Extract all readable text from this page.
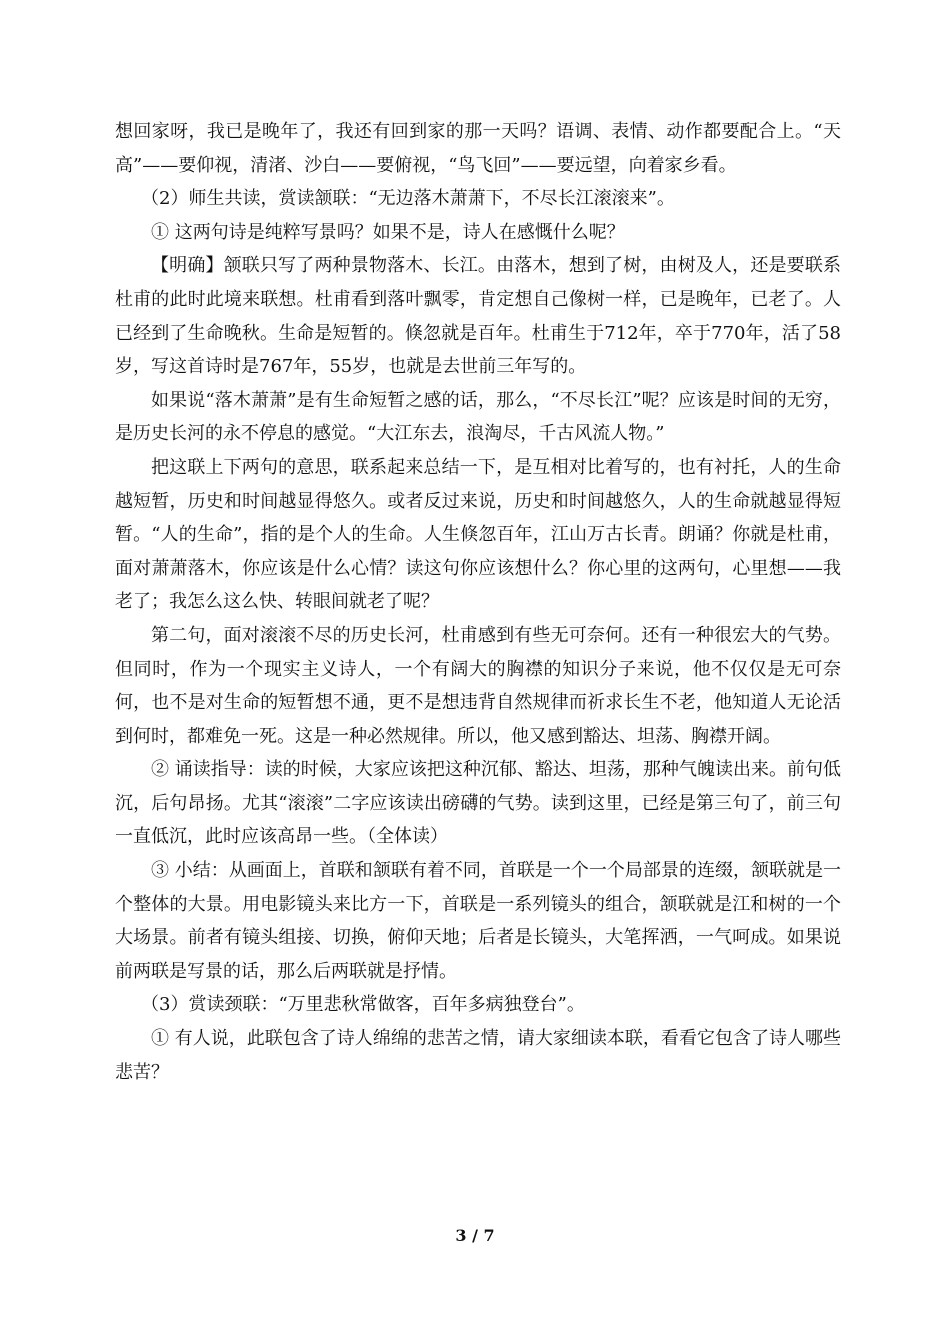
想回家呀，我已是晚年了，我还有回到家的那一天吗？语调、表情、动作都要配合上。“天高”——要仰视，清渚、沙白——要俯视，“鸟飞回”——要远望，向着家乡看。

（2）师生共读，赏读颔联：“无边落木萧萧下，不尽长江滚滚来”。

① 这两句诗是纯粹写景吗？如果不是，诗人在感慨什么呢？

【明确】颔联只写了两种景物落木、长江。由落木，想到了树，由树及人，还是要联系杜甫的此时此境来联想。杜甫看到落叶飘零，肯定想自己像树一样，已是晚年，已老了。人已经到了生命晚秋。生命是短暂的。倏忽就是百年。杜甫生于712年，卒于770年，活了58岁，写这首诗时是767年，55岁，也就是去世前三年写的。

如果说“落木萧萧”是有生命短暂之感的话，那么，“不尽长江”呢？应该是时间的无穷，是历史长河的永不停息的感觉。“大江东去，浪淘尽，千古风流人物。”

把这联上下两句的意思，联系起来总结一下，是互相对比着写的，也有衬托，人的生命越短暂，历史和时间越显得悠久。或者反过来说，历史和时间越悠久，人的生命就越显得短暂。“人的生命”，指的是个人的生命。人生倏忽百年，江山万古长青。朗诵？你就是杜甫，面对萧萧落木，你应该是什么心情？读这句你应该想什么？你心里的这两句，心里想——我老了；我怎么这么快、转眼间就老了呢？

第二句，面对滚滚不尽的历史长河，杜甫感到有些无可奈何。还有一种很宏大的气势。但同时，作为一个现实主义诗人，一个有阔大的胸襟的知识分子来说，他不仅仅是无可奈何，也不是对生命的短暂想不通，更不是想违背自然规律而祈求长生不老，他知道人无论活到何时，都难免一死。这是一种必然规律。所以，他又感到豁达、坦荡、胸襟开阔。

② 诵读指导：读的时候，大家应该把这种沉郁、豁达、坦荡，那种气魄读出来。前句低沉，后句昂扬。尤其“滚滚”二字应该读出磅礴的气势。读到这里，已经是第三句了，前三句一直低沉，此时应该高昂一些。（全体读）

③ 小结：从画面上，首联和颔联有着不同，首联是一个一个局部景的连缀，颔联就是一个整体的大景。用电影镜头来比方一下，首联是一系列镜头的组合，颔联就是江和树的一个大场景。前者有镜头组接、切换，俯仰天地；后者是长镜头，大笔挥洒，一气呵成。如果说前两联是写景的话，那么后两联就是抒情。

（3）赏读颈联：“万里悲秋常做客，百年多病独登台”。

① 有人说，此联包含了诗人绵绵的悲苦之情，请大家细读本联，看看它包含了诗人哪些悲苦？

3 / 7
